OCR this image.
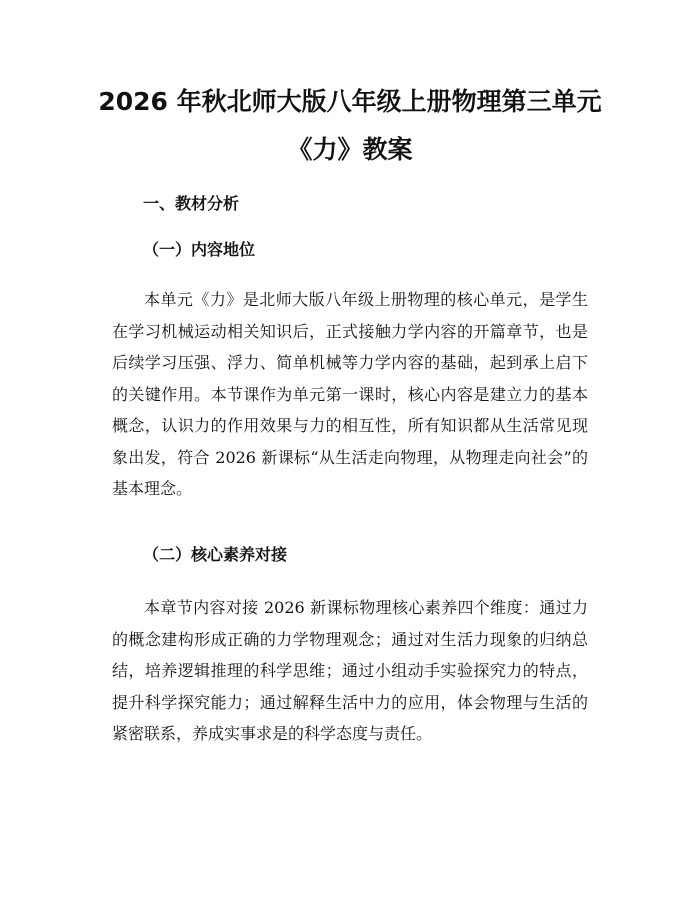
2026 年秋北师大版八年级上册物理第三单元
《力》教案
一、教材分析
（一）内容地位

本单元《力》是北师大版八年级上册物理的核心单元，是学生在学习机械运动相关知识后，正式接触力学内容的开篇章节，也是后续学习压强、浮力、简单机械等力学内容的基础，起到承上启下的关键作用。本节课作为单元第一课时，核心内容是建立力的基本概念，认识力的作用效果与力的相互性，所有知识都从生活常见现象出发，符合 2026 新课标“从生活走向物理，从物理走向社会”的基本理念。

（二）核心素养对接

本章节内容对接 2026 新课标物理核心素养四个维度：通过力的概念建构形成正确的力学物理观念；通过对生活力现象的归纳总结，培养逻辑推理的科学思维；通过小组动手实验探究力的特点，提升科学探究能力；通过解释生活中力的应用，体会物理与生活的紧密联系，养成实事求是的科学态度与责任。
